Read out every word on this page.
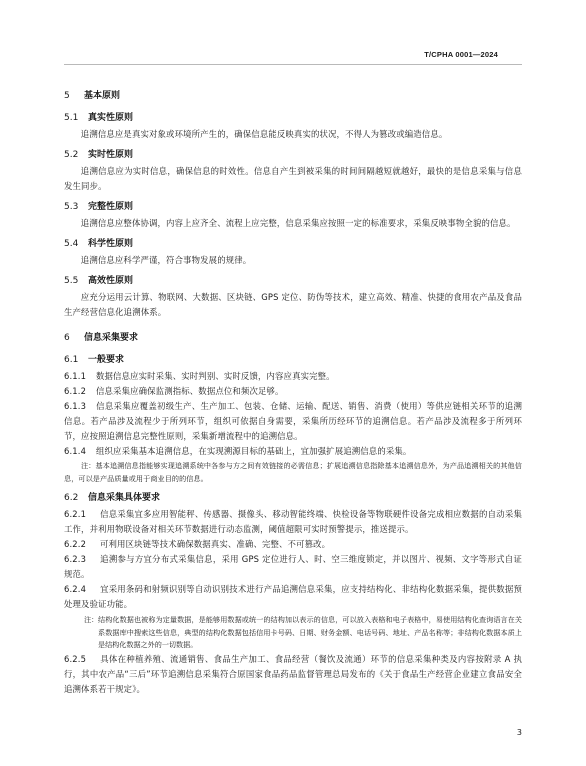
T/CPHA 0001—2024
5 基本原则
5.1 真实性原则
追溯信息应是真实对象或环境所产生的，确保信息能反映真实的状况，不得人为篡改或编造信息。
5.2 实时性原则
追溯信息应为实时信息，确保信息的时效性。信息自产生到被采集的时间间隔越短就越好，最快的是信息采集与信息发生同步。
5.3 完整性原则
追溯信息应整体协调，内容上应齐全、流程上应完整，信息采集应按照一定的标准要求，采集反映事物全貌的信息。
5.4 科学性原则
追溯信息应科学严谨，符合事物发展的规律。
5.5 高效性原则
应充分运用云计算、物联网、大数据、区块链、GPS 定位、防伪等技术，建立高效、精准、快捷的食用农产品及食品生产经营信息化追溯体系。
6 信息采集要求
6.1 一般要求
6.1.1 数据信息应实时采集、实时判别、实时反馈，内容应真实完整。
6.1.2 信息采集应确保监测指标、数据点位和频次足够。
6.1.3 信息采集应覆盖初级生产、生产加工、包装、仓储、运输、配送、销售、消费（使用）等供应链相关环节的追溯信息。若产品涉及流程少于所列环节，组织可依据自身需要，采集所历经环节的追溯信息。若产品涉及流程多于所列环节，应按照追溯信息完整性原则，采集新增流程中的追溯信息。
6.1.4 组织应采集基本追溯信息，在实现溯源目标的基础上，宜加强扩展追溯信息的采集。
注：基本追溯信息指能够实现追溯系统中各参与方之间有效链接的必需信息；扩展追溯信息指除基本追溯信息外，为产品追溯相关的其他信息，可以是产品质量或用于商业目的的信息。
6.2 信息采集具体要求
6.2.1 信息采集宜多应用智能秤、传感器、摄像头、移动智能终端、快检设备等物联硬件设备完成相应数据的自动采集工作，并利用物联设备对相关环节数据进行动态监测，阈值超限可实时预警提示，推送提示。
6.2.2 可利用区块链等技术确保数据真实、准确、完整、不可篡改。
6.2.3 追溯参与方宜分布式采集信息，采用 GPS 定位进行人、时、空三维度锁定，并以图片、视频、文字等形式自证规范。
6.2.4 宜采用条码和射频识别等自动识别技术进行产品追溯信息采集，应支持结构化、非结构化数据采集，提供数据预处理及验证功能。
注： 结构化数据也被称为定量数据，是能够用数据或统一的结构加以表示的信息，可以放入表格和电子表格中，易使用结构化查询语言在关系数据库中搜索这些信息，典型的结构化数据包括信用卡号码、日期、财务金额、电话号码、地址、产品名称等；非结构化数据本质上是结构化数据之外的一切数据。
6.2.5 具体在种植养殖、流通销售、食品生产加工、食品经营（餐饮及流通）环节的信息采集种类及内容按附录 A 执行，其中农产品“三后”环节追溯信息采集符合原国家食品药品监督管理总局发布的《关于食品生产经营企业建立食品安全追溯体系若干规定》。
3
